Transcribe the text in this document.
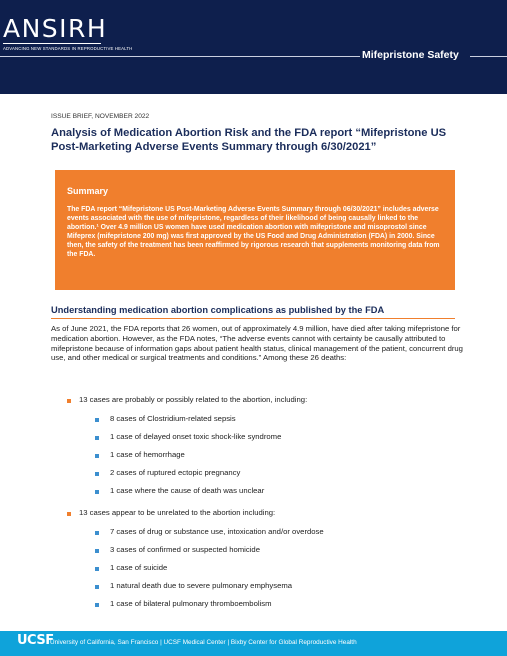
ANSIRH
ADVANCING NEW STANDARDS IN REPRODUCTIVE HEALTH
Mifepristone Safety
ISSUE BRIEF, NOVEMBER 2022
Analysis of Medication Abortion Risk and the FDA report “Mifepristone US Post-Marketing Adverse Events Summary through 6/30/2021”
Summary
The FDA report “Mifepristone US Post-Marketing Adverse Events Summary through 06/30/2021” includes adverse events associated with the use of mifepristone, regardless of their likelihood of being causally linked to the abortion.¹ Over 4.9 million US women have used medication abortion with mifepristone and misoprostol since Mifeprex (mifepristone 200 mg) was first approved by the US Food and Drug Administration (FDA) in 2000. Since then, the safety of the treatment has been reaffirmed by rigorous research that supplements monitoring data from the FDA.
Understanding medication abortion complications as published by the FDA
As of June 2021, the FDA reports that 26 women, out of approximately 4.9 million, have died after taking mifepristone for medication abortion. However, as the FDA notes, “The adverse events cannot with certainty be causally attributed to mifepristone because of information gaps about patient health status, clinical management of the patient, concurrent drug use, and other medical or surgical treatments and conditions.” Among these 26 deaths:
13 cases are probably or possibly related to the abortion, including:
8 cases of Clostridium-related sepsis
1 case of delayed onset toxic shock-like syndrome
1 case of hemorrhage
2 cases of ruptured ectopic pregnancy
1 case where the cause of death was unclear
13 cases appear to be unrelated to the abortion including:
7 cases of drug or substance use, intoxication and/or overdose
3 cases of confirmed or suspected homicide
1 case of suicide
1 natural death due to severe pulmonary emphysema
1 case of bilateral pulmonary thromboembolism
UCSF
University of California, San Francisco | UCSF Medical Center | Bixby Center for Global Reproductive Health
